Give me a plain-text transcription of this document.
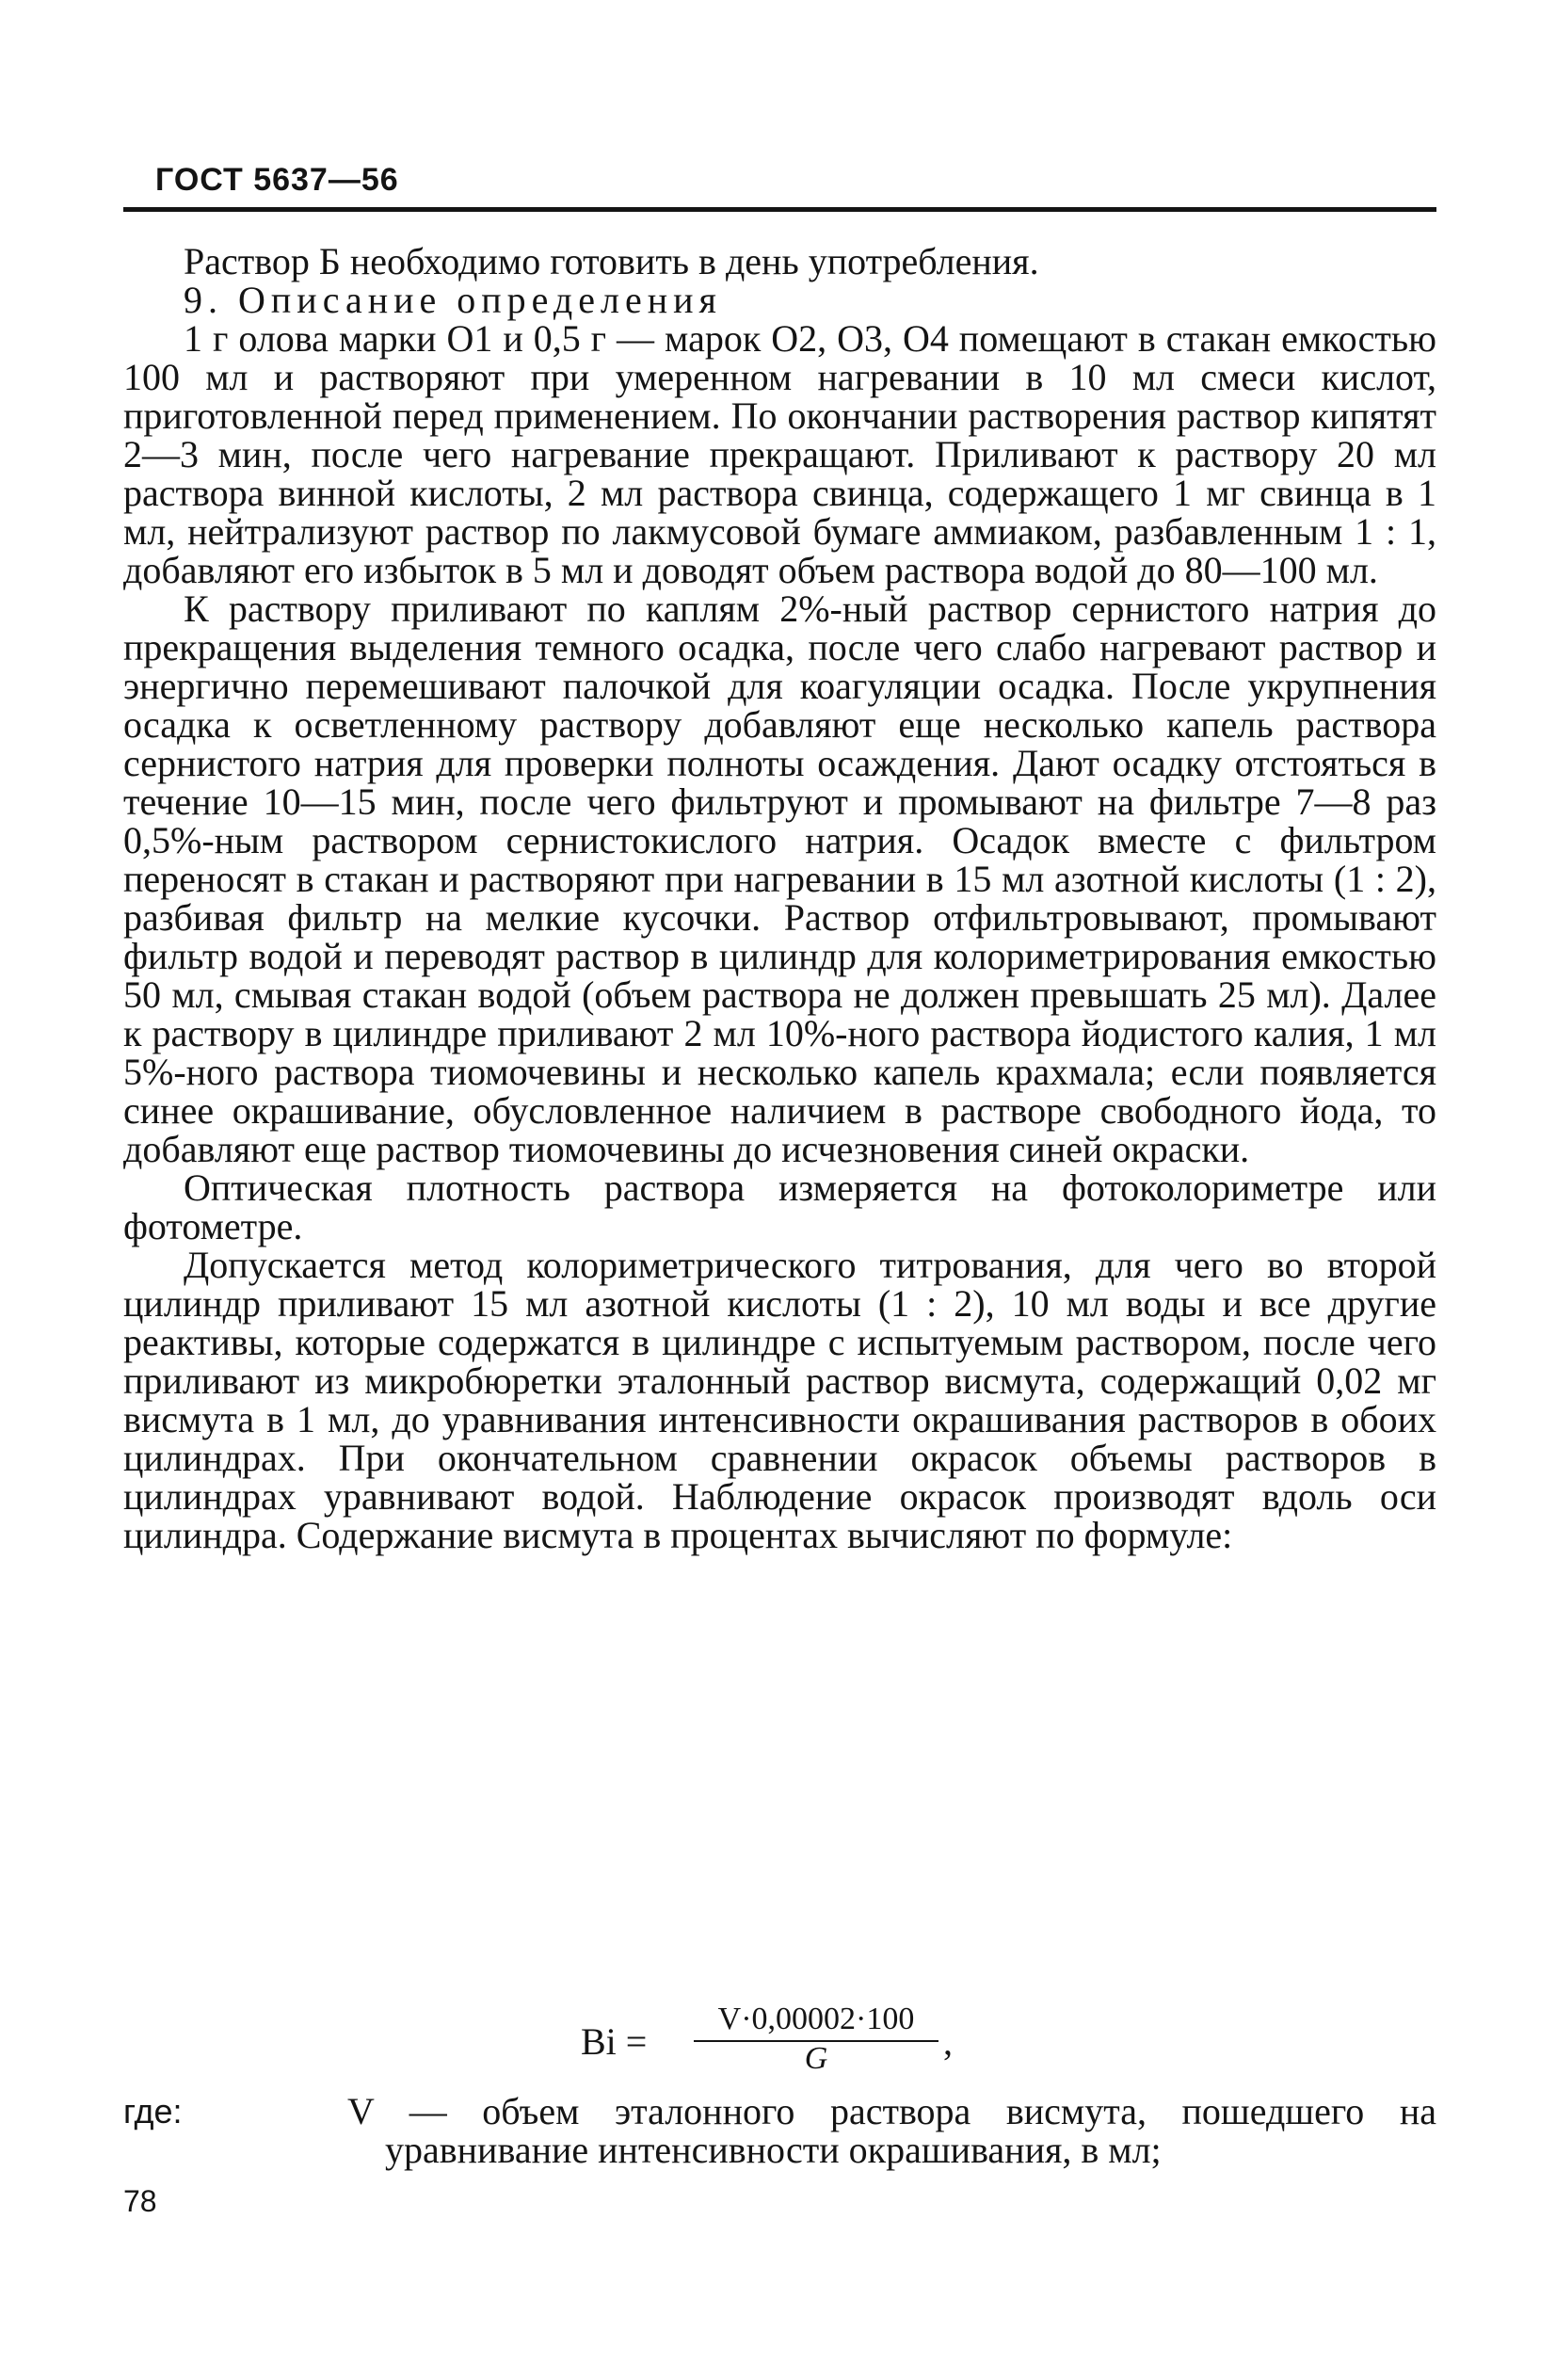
ГОСТ 5637—56

Раствор Б необходимо готовить в день употребления.

9. Описание определения

1 г олова марки О1 и 0,5 г — марок О2, О3, О4 помещают в стакан емкостью 100 мл и растворяют при умеренном нагревании в 10 мл смеси кислот, приготовленной перед применением. По окончании растворения раствор кипятят 2—3 мин, после чего нагревание прекращают. Приливают к раствору 20 мл раствора винной кислоты, 2 мл раствора свинца, содержащего 1 мг свинца в 1 мл, нейтрализуют раствор по лакмусовой бумаге аммиаком, разбавленным 1 : 1, добавляют его избыток в 5 мл и доводят объем раствора водой до 80—100 мл.

К раствору приливают по каплям 2%-ный раствор сернистого натрия до прекращения выделения темного осадка, после чего слабо нагревают раствор и энергично перемешивают палочкой для коагуляции осадка. После укрупнения осадка к осветленному раствору добавляют еще несколько капель раствора сернистого натрия для проверки полноты осаждения. Дают осадку отстояться в течение 10—15 мин, после чего фильтруют и промывают на фильтре 7—8 раз 0,5%-ным раствором сернистокислого натрия. Осадок вместе с фильтром переносят в стакан и растворяют при нагревании в 15 мл азотной кислоты (1 : 2), разбивая фильтр на мелкие кусочки. Раствор отфильтровывают, промывают фильтр водой и переводят раствор в цилиндр для колориметрирования емкостью 50 мл, смывая стакан водой (объем раствора не должен превышать 25 мл). Далее к раствору в цилиндре приливают 2 мл 10%-ного раствора йодистого калия, 1 мл 5%-ного раствора тиомочевины и несколько капель крахмала; если появляется синее окрашивание, обусловленное наличием в растворе свободного йода, то добавляют еще раствор тиомочевины до исчезновения синей окраски.

Оптическая плотность раствора измеряется на фотоколориметре или фотометре.

Допускается метод колориметрического титрования, для чего во второй цилиндр приливают 15 мл азотной кислоты (1 : 2), 10 мл воды и все другие реактивы, которые содержатся в цилиндре с испытуемым раствором, после чего приливают из микробюретки эталонный раствор висмута, содержащий 0,02 мг висмута в 1 мл, до уравнивания интенсивности окрашивания растворов в обоих цилиндрах. При окончательном сравнении окрасок объемы растворов в цилиндрах уравнивают водой. Наблюдение окрасок производят вдоль оси цилиндра. Содержание висмута в процентах вычисляют по формуле:

Bi =
V·0,00002·100
G	,
где:	V — объем эталонного раствора висмута, пошедшего на уравнивание интенсивности окрашивания, в мл;
78
